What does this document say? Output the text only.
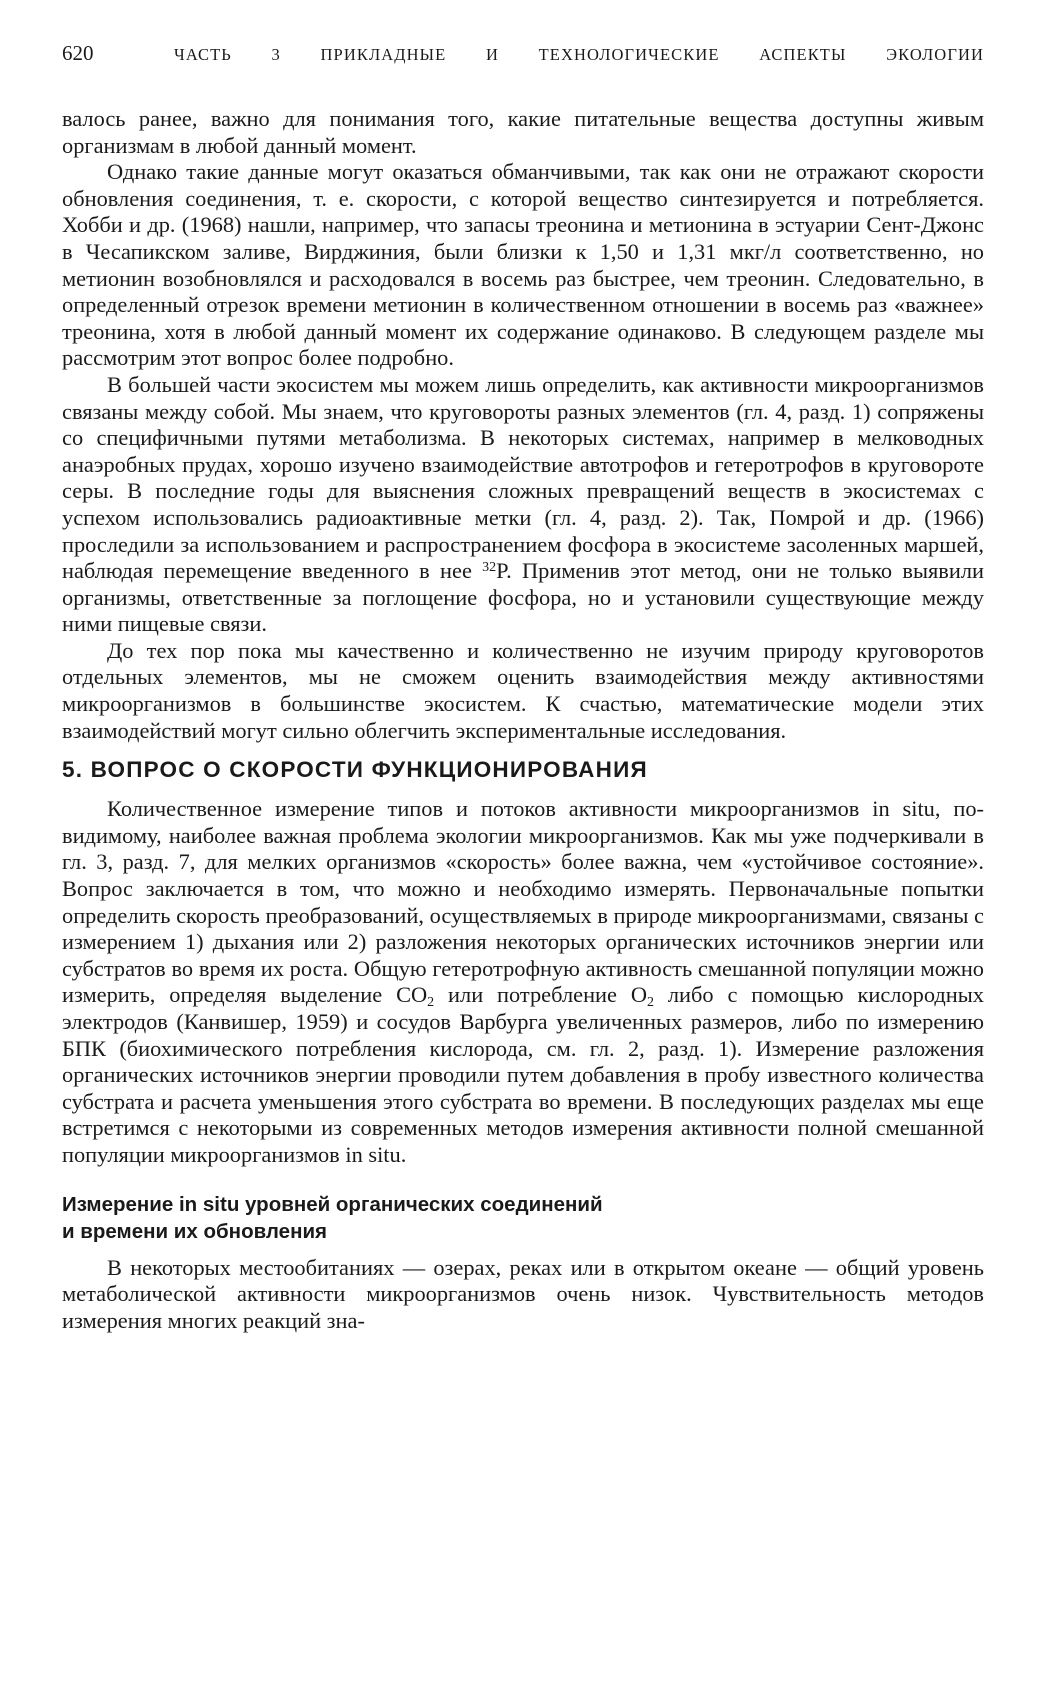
620	ЧАСТЬ 3 ПРИКЛАДНЫЕ И ТЕХНОЛОГИЧЕСКИЕ АСПЕКТЫ ЭКОЛОГИИ

валось ранее, важно для понимания того, какие питательные вещества доступны живым организмам в любой данный момент.

Однако такие данные могут оказаться обманчивыми, так как они не отражают скорости обновления соединения, т. е. скорости, с которой вещество синтезируется и потребляется. Хобби и др. (1968) нашли, например, что запасы треонина и метионина в эстуарии Сент-Джонс в Чесапикском заливе, Вирджиния, были близки к 1,50 и 1,31 мкг/л соответственно, но метионин возобновлялся и расходовался в восемь раз быстрее, чем треонин. Следовательно, в определенный отрезок времени метионин в количественном отношении в восемь раз «важнее» треонина, хотя в любой данный момент их содержание одинаково. В следующем разделе мы рассмотрим этот вопрос более подробно.

В большей части экосистем мы можем лишь определить, как активности микроорганизмов связаны между собой. Мы знаем, что круговороты разных элементов (гл. 4, разд. 1) сопряжены со специфичными путями метаболизма. В некоторых системах, например в мелководных анаэробных прудах, хорошо изучено взаимодействие автотрофов и гетеротрофов в круговороте серы. В последние годы для выяснения сложных превращений веществ в экосистемах с успехом использовались радиоактивные метки (гл. 4, разд. 2). Так, Помрой и др. (1966) проследили за использованием и распространением фосфора в экосистеме засоленных маршей, наблюдая перемещение введенного в нее $^{32}$P. Применив этот метод, они не только выявили организмы, ответственные за поглощение фосфора, но и установили существующие между ними пищевые связи.

До тех пор пока мы качественно и количественно не изучим природу круговоротов отдельных элементов, мы не сможем оценить взаимодействия между активностями микроорганизмов в большинстве экосистем. К счастью, математические модели этих взаимодействий могут сильно облегчить экспериментальные исследования.

5. ВОПРОС О СКОРОСТИ ФУНКЦИОНИРОВАНИЯ

Количественное измерение типов и потоков активности микроорганизмов in situ, по-видимому, наиболее важная проблема экологии микроорганизмов. Как мы уже подчеркивали в гл. 3, разд. 7, для мелких организмов «скорость» более важна, чем «устойчивое состояние». Вопрос заключается в том, что можно и необходимо измерять. Первоначальные попытки определить скорость преобразований, осуществляемых в природе микроорганизмами, связаны с измерением 1) дыхания или 2) разложения некоторых органических источников энергии или субстратов во время их роста. Общую гетеротрофную активность смешанной популяции можно измерить, определяя выделение $CO_2$ или потребление $O_2$ либо с помощью кислородных электродов (Канвишер, 1959) и сосудов Варбурга увеличенных размеров, либо по измерению БПК (биохимического потребления кислорода, см. гл. 2, разд. 1). Измерение разложения органических источников энергии проводили путем добавления в пробу известного количества субстрата и расчета уменьшения этого субстрата во времени. В последующих разделах мы еще встретимся с некоторыми из современных методов измерения активности полной смешанной популяции микроорганизмов in situ.

Измерение in situ уровней органических соединений
и времени их обновления

В некоторых местообитаниях — озерах, реках или в открытом океане — общий уровень метаболической активности микроорганизмов очень низок. Чувствительность методов измерения многих реакций зна-
